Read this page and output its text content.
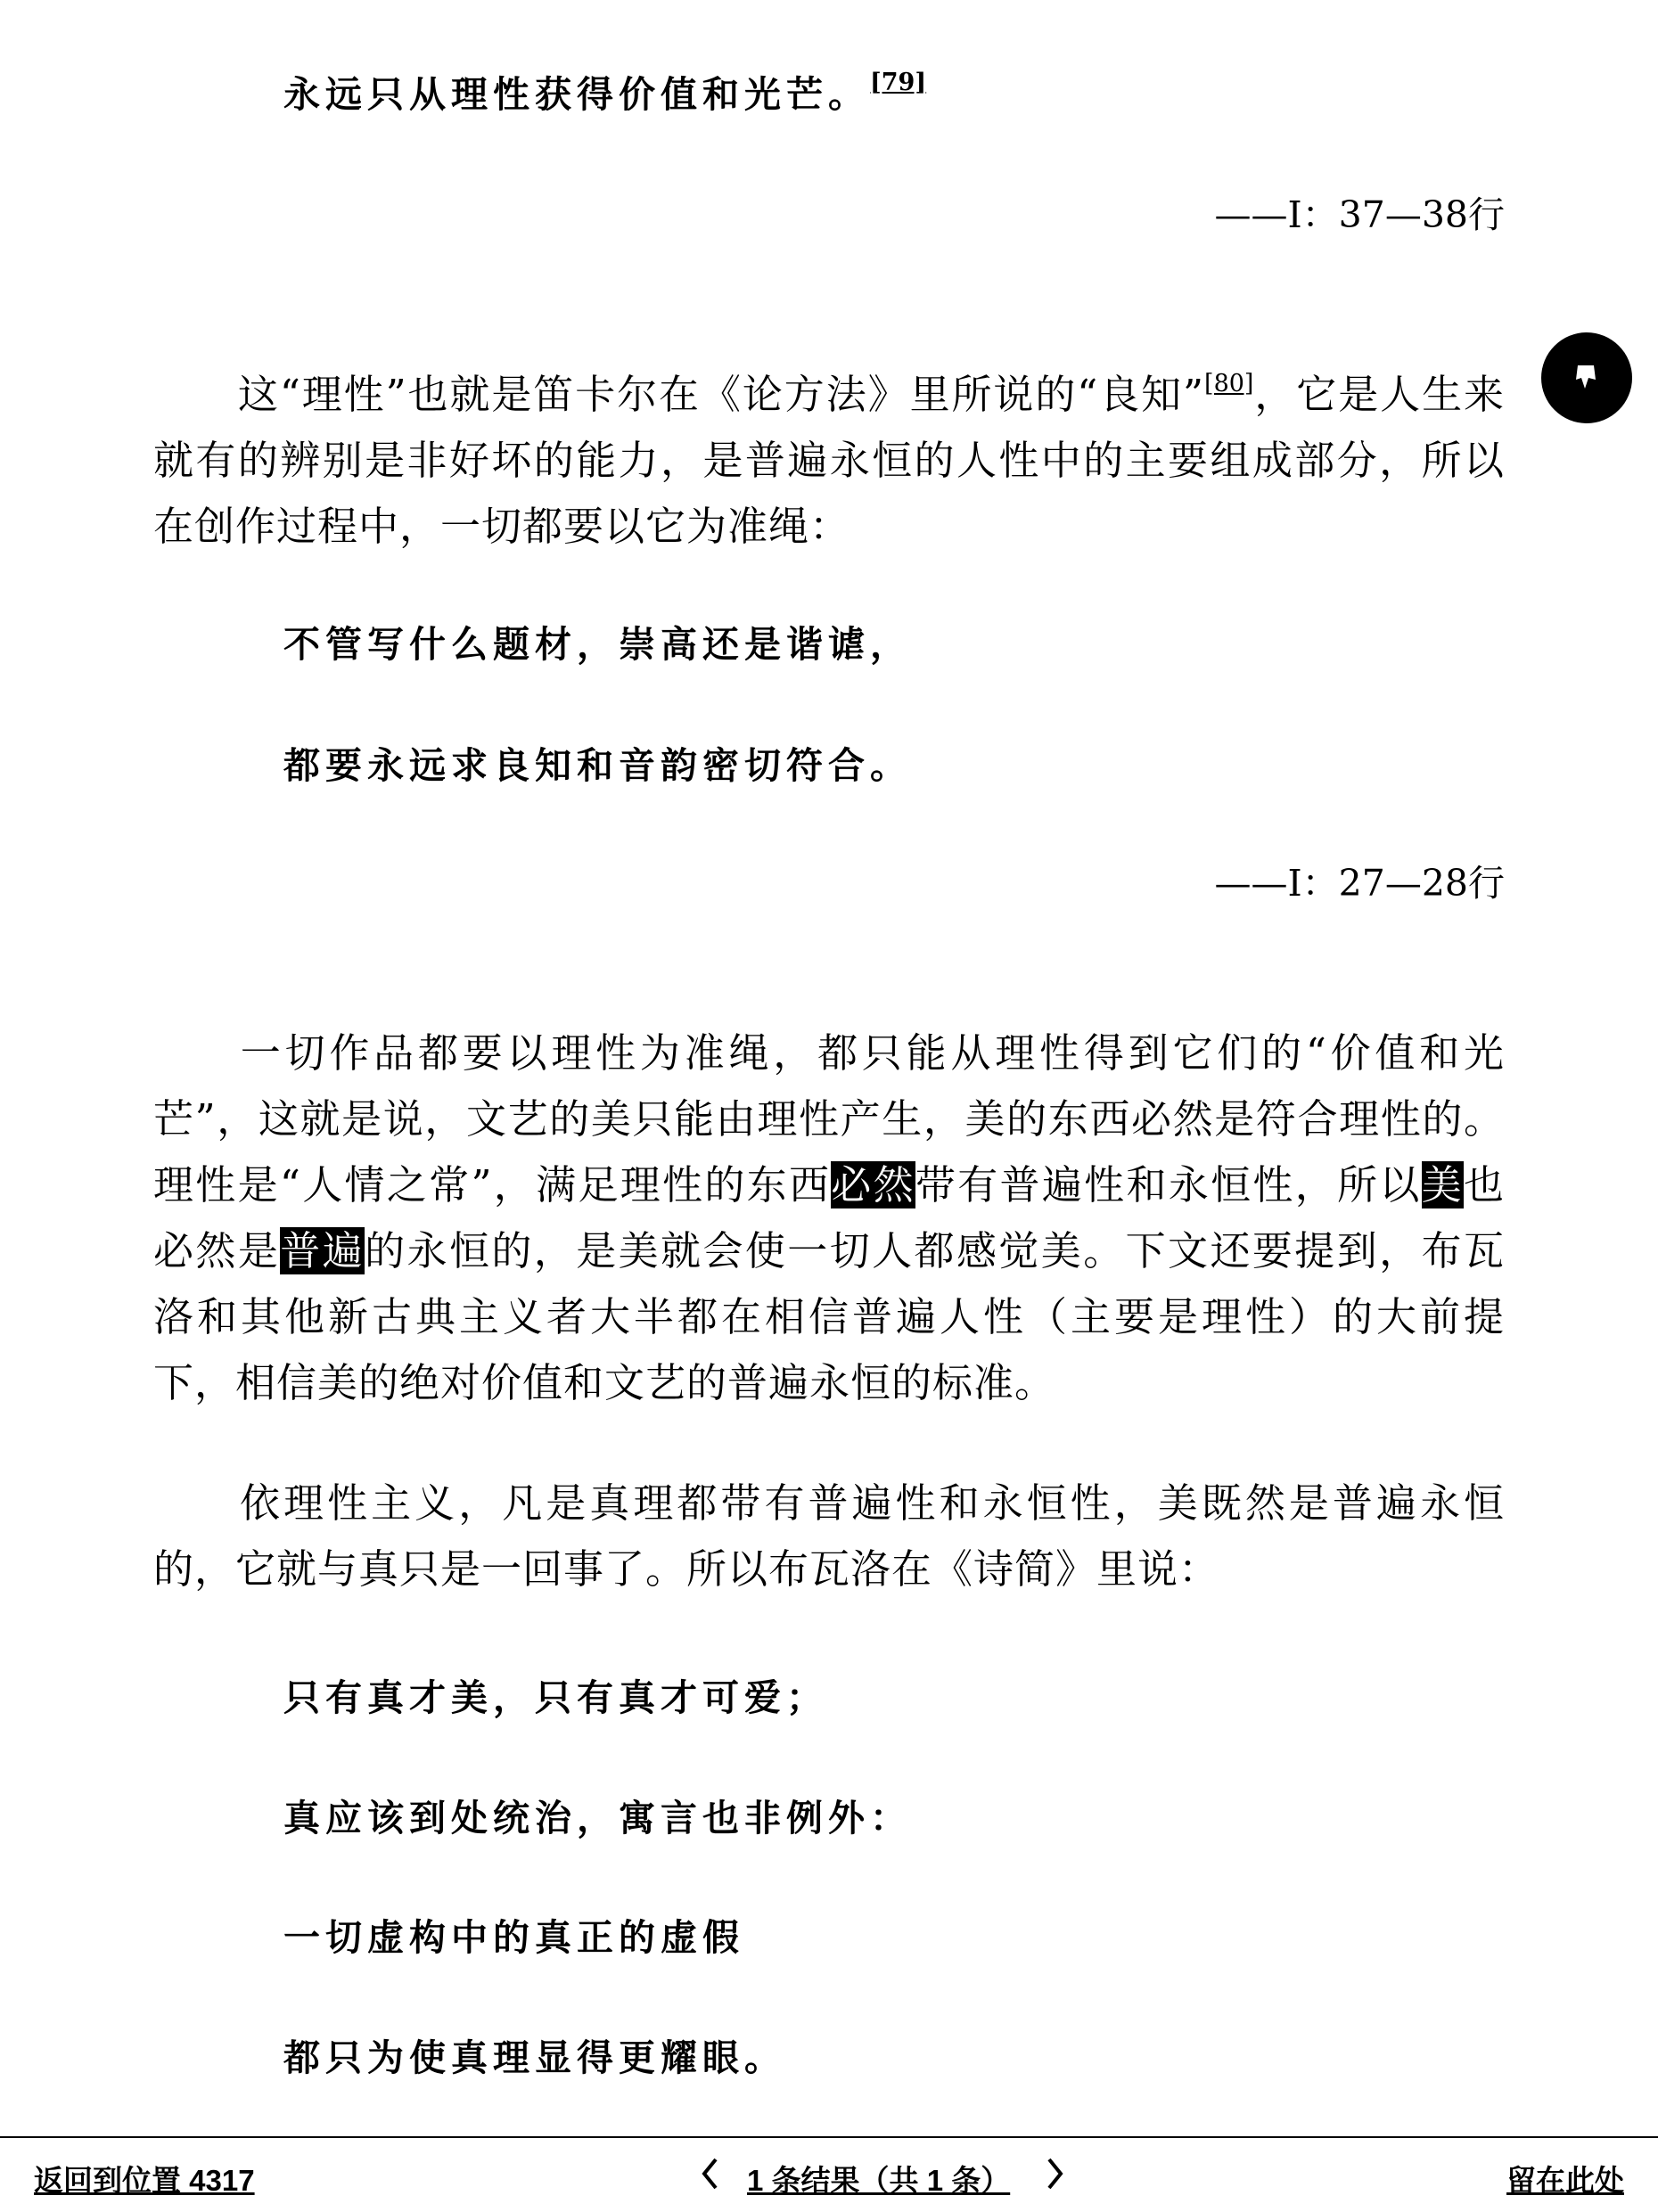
永远只从理性获得价值和光芒。[79]
——Ⅰ：37—38行
这“理性”也就是笛卡尔在《论方法》里所说的“良知”[80]，它是人生来就有的辨别是非好坏的能力，是普遍永恒的人性中的主要组成部分，所以在创作过程中，一切都要以它为准绳：
不管写什么题材，崇高还是谐谑，
都要永远求良知和音韵密切符合。
——Ⅰ：27—28行
一切作品都要以理性为准绳，都只能从理性得到它们的“价值和光芒”，这就是说，文艺的美只能由理性产生，美的东西必然是符合理性的。理性是“人情之常”，满足理性的东西必然带有普遍性和永恒性，所以美也必然是普遍的永恒的，是美就会使一切人都感觉美。下文还要提到，布瓦洛和其他新古典主义者大半都在相信普遍人性（主要是理性）的大前提下，相信美的绝对价值和文艺的普遍永恒的标准。
依理性主义，凡是真理都带有普遍性和永恒性，美既然是普遍永恒的，它就与真只是一回事了。所以布瓦洛在《诗简》里说：
只有真才美，只有真才可爱；
真应该到处统治，寓言也非例外：
一切虚构中的真正的虚假
都只为使真理显得更耀眼。
返回到位置 4317	1 条结果（共 1 条）	留在此处
